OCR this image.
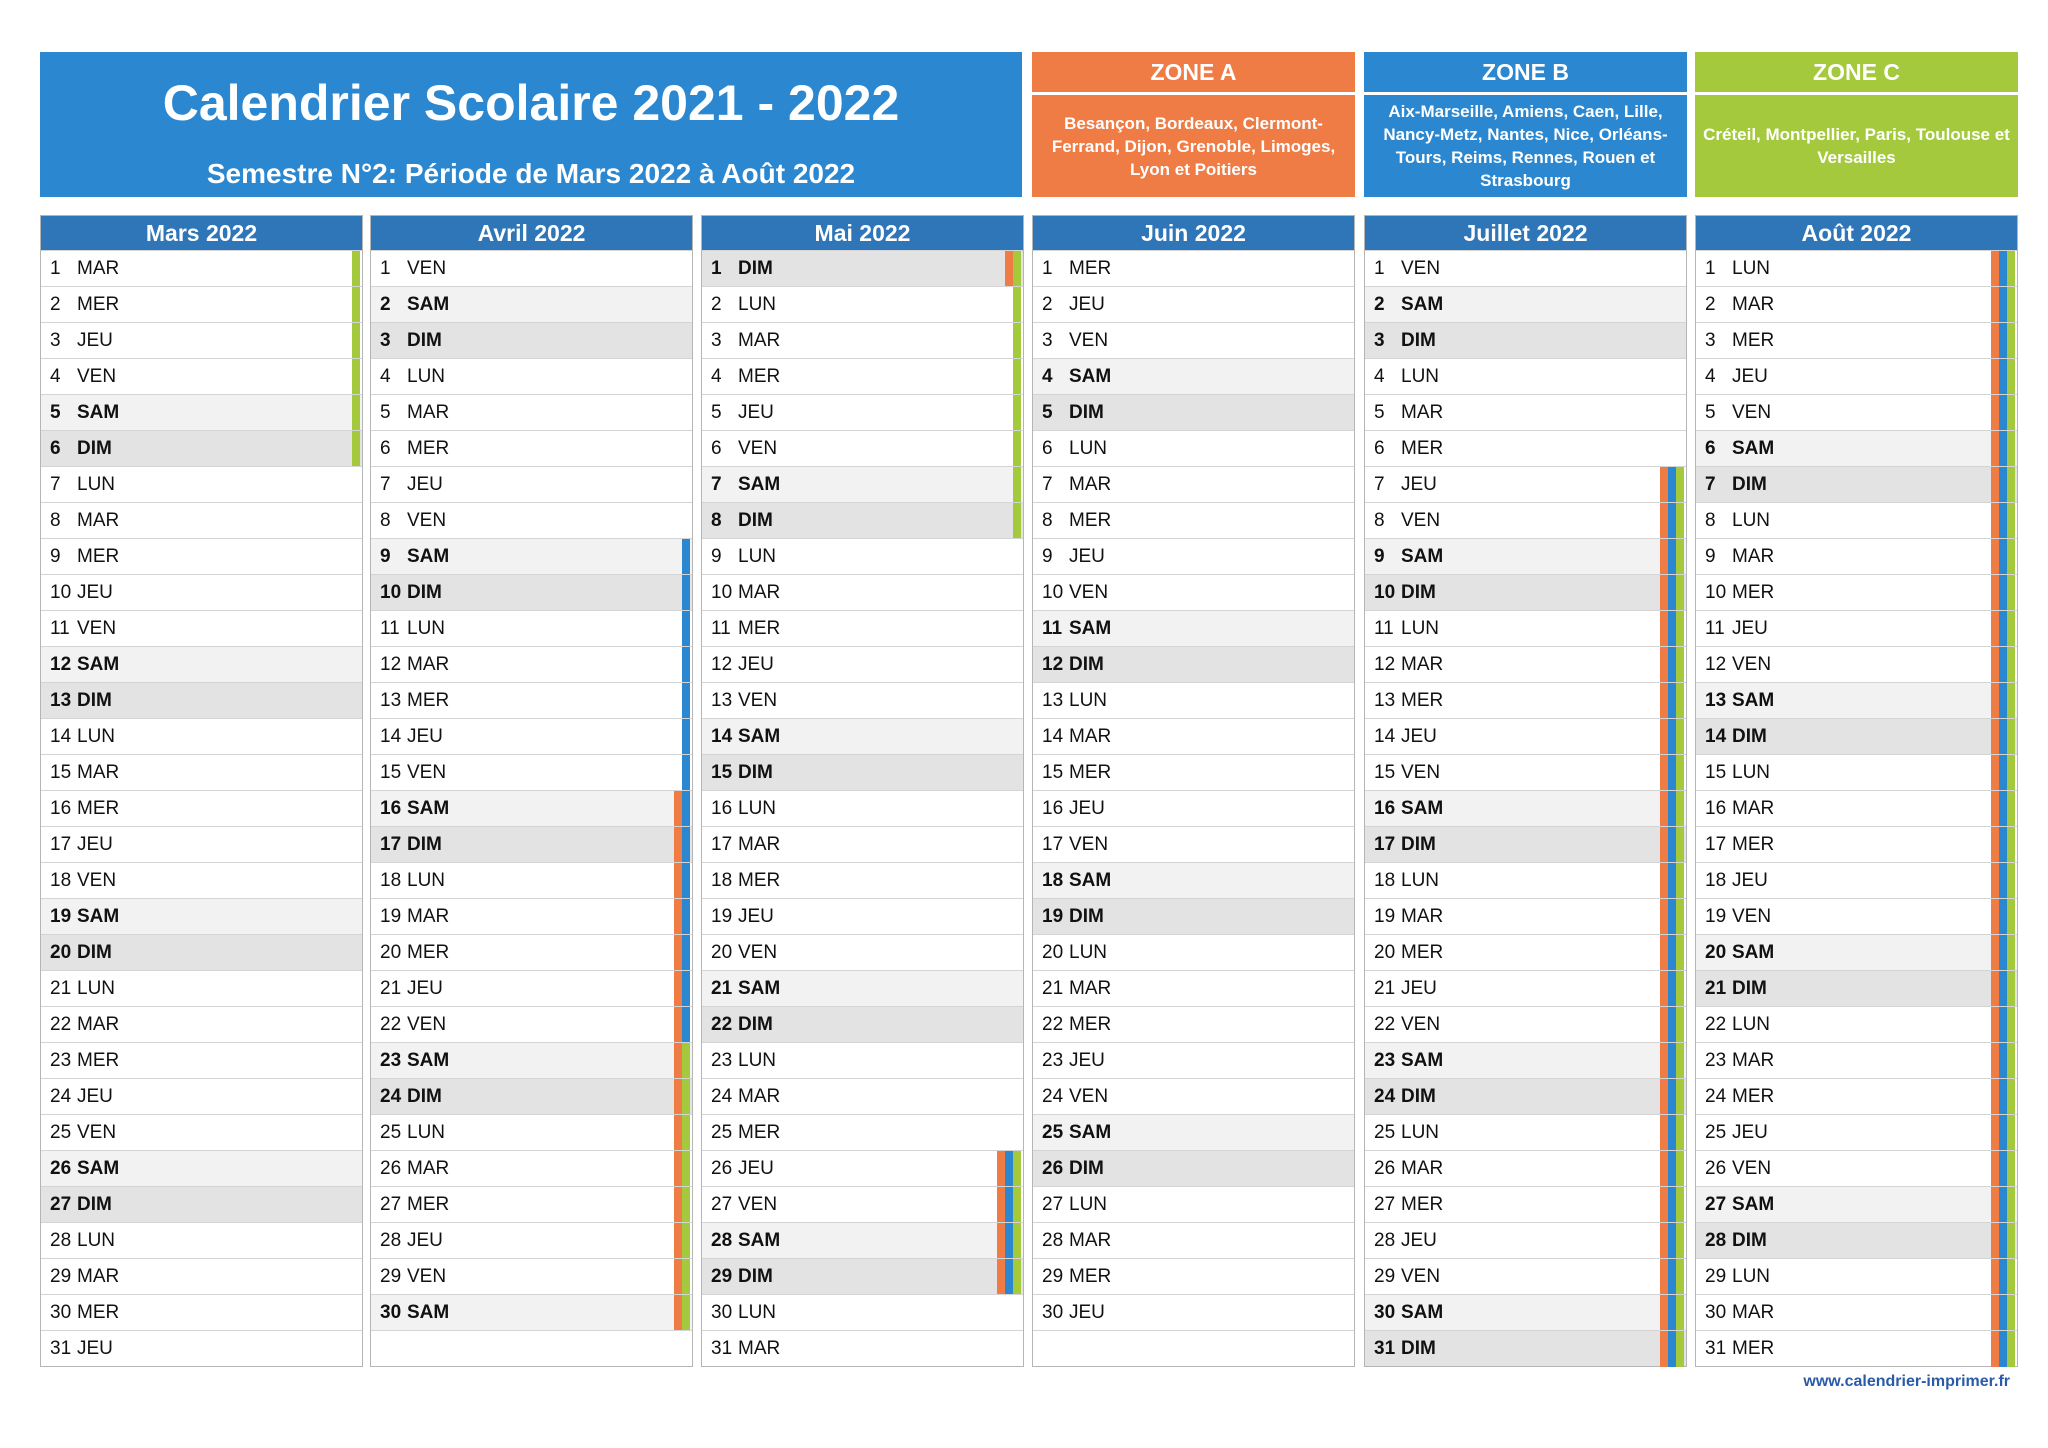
Calendrier Scolaire 2021 - 2022
Semestre N°2: Période de Mars 2022 à Août 2022
ZONE A
Besançon, Bordeaux, Clermont-Ferrand, Dijon, Grenoble, Limoges, Lyon et Poitiers
ZONE B
Aix-Marseille, Amiens, Caen, Lille, Nancy-Metz, Nantes, Nice, Orléans-Tours, Reims, Rennes, Rouen et Strasbourg
ZONE C
Créteil, Montpellier, Paris, Toulouse et Versailles
Mars 2022
1 MAR
2 MER
3 JEU
4 VEN
5 SAM
6 DIM
7 LUN
8 MAR
9 MER
10 JEU
11 VEN
12 SAM
13 DIM
14 LUN
15 MAR
16 MER
17 JEU
18 VEN
19 SAM
20 DIM
21 LUN
22 MAR
23 MER
24 JEU
25 VEN
26 SAM
27 DIM
28 LUN
29 MAR
30 MER
31 JEU
Avril 2022
1 VEN
2 SAM
3 DIM
4 LUN
5 MAR
6 MER
7 JEU
8 VEN
9 SAM
10 DIM
11 LUN
12 MAR
13 MER
14 JEU
15 VEN
16 SAM
17 DIM
18 LUN
19 MAR
20 MER
21 JEU
22 VEN
23 SAM
24 DIM
25 LUN
26 MAR
27 MER
28 JEU
29 VEN
30 SAM
Mai 2022
1 DIM
2 LUN
3 MAR
4 MER
5 JEU
6 VEN
7 SAM
8 DIM
9 LUN
10 MAR
11 MER
12 JEU
13 VEN
14 SAM
15 DIM
16 LUN
17 MAR
18 MER
19 JEU
20 VEN
21 SAM
22 DIM
23 LUN
24 MAR
25 MER
26 JEU
27 VEN
28 SAM
29 DIM
30 LUN
31 MAR
Juin 2022
1 MER
2 JEU
3 VEN
4 SAM
5 DIM
6 LUN
7 MAR
8 MER
9 JEU
10 VEN
11 SAM
12 DIM
13 LUN
14 MAR
15 MER
16 JEU
17 VEN
18 SAM
19 DIM
20 LUN
21 MAR
22 MER
23 JEU
24 VEN
25 SAM
26 DIM
27 LUN
28 MAR
29 MER
30 JEU
Juillet 2022
1 VEN
2 SAM
3 DIM
4 LUN
5 MAR
6 MER
7 JEU
8 VEN
9 SAM
10 DIM
11 LUN
12 MAR
13 MER
14 JEU
15 VEN
16 SAM
17 DIM
18 LUN
19 MAR
20 MER
21 JEU
22 VEN
23 SAM
24 DIM
25 LUN
26 MAR
27 MER
28 JEU
29 VEN
30 SAM
31 DIM
Août 2022
1 LUN
2 MAR
3 MER
4 JEU
5 VEN
6 SAM
7 DIM
8 LUN
9 MAR
10 MER
11 JEU
12 VEN
13 SAM
14 DIM
15 LUN
16 MAR
17 MER
18 JEU
19 VEN
20 SAM
21 DIM
22 LUN
23 MAR
24 MER
25 JEU
26 VEN
27 SAM
28 DIM
29 LUN
30 MAR
31 MER
www.calendrier-imprimer.fr
